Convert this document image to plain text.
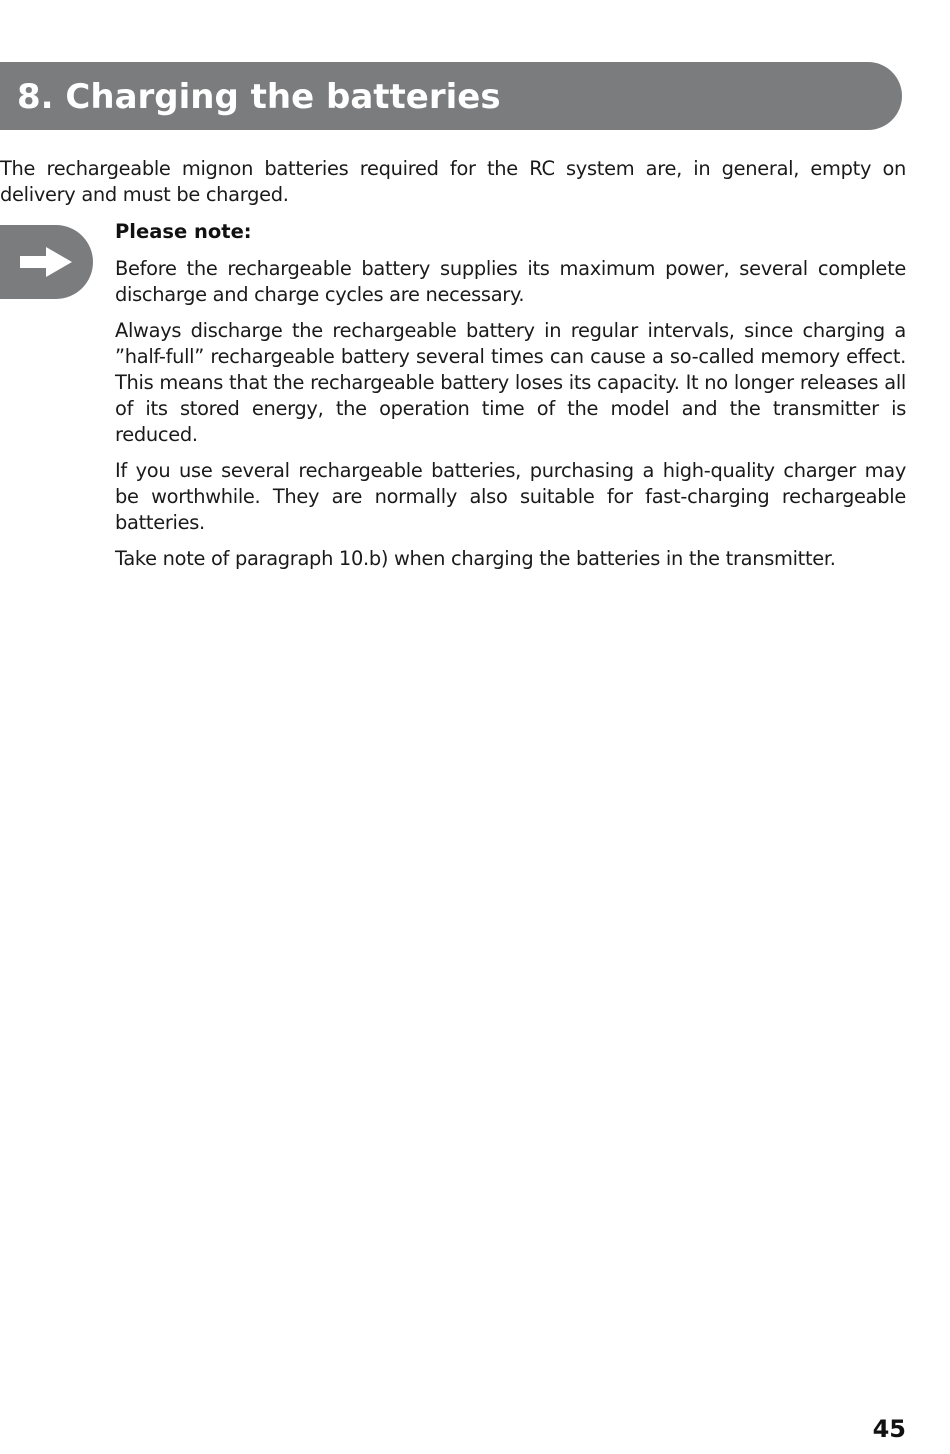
8. Charging the batteries

The rechargeable mignon batteries required for the RC system are, in general, empty on delivery and must be charged.

Please note:

Before the rechargeable battery supplies its maximum power, several complete discharge and charge cycles are necessary.

Always discharge the rechargeable battery in regular intervals, since charging a ”half-full” rechargeable battery several times can cause a so-called memory effect. This means that the rechargeable battery loses its capacity. It no longer releases all of its stored energy, the operation time of the model and the transmitter is reduced.

If you use several rechargeable batteries, purchasing a high-quality charger may be worthwhile. They are normally also suitable for fast-charging rechargeable batteries.

Take note of paragraph 10.b) when charging the batteries in the transmitter.

45
